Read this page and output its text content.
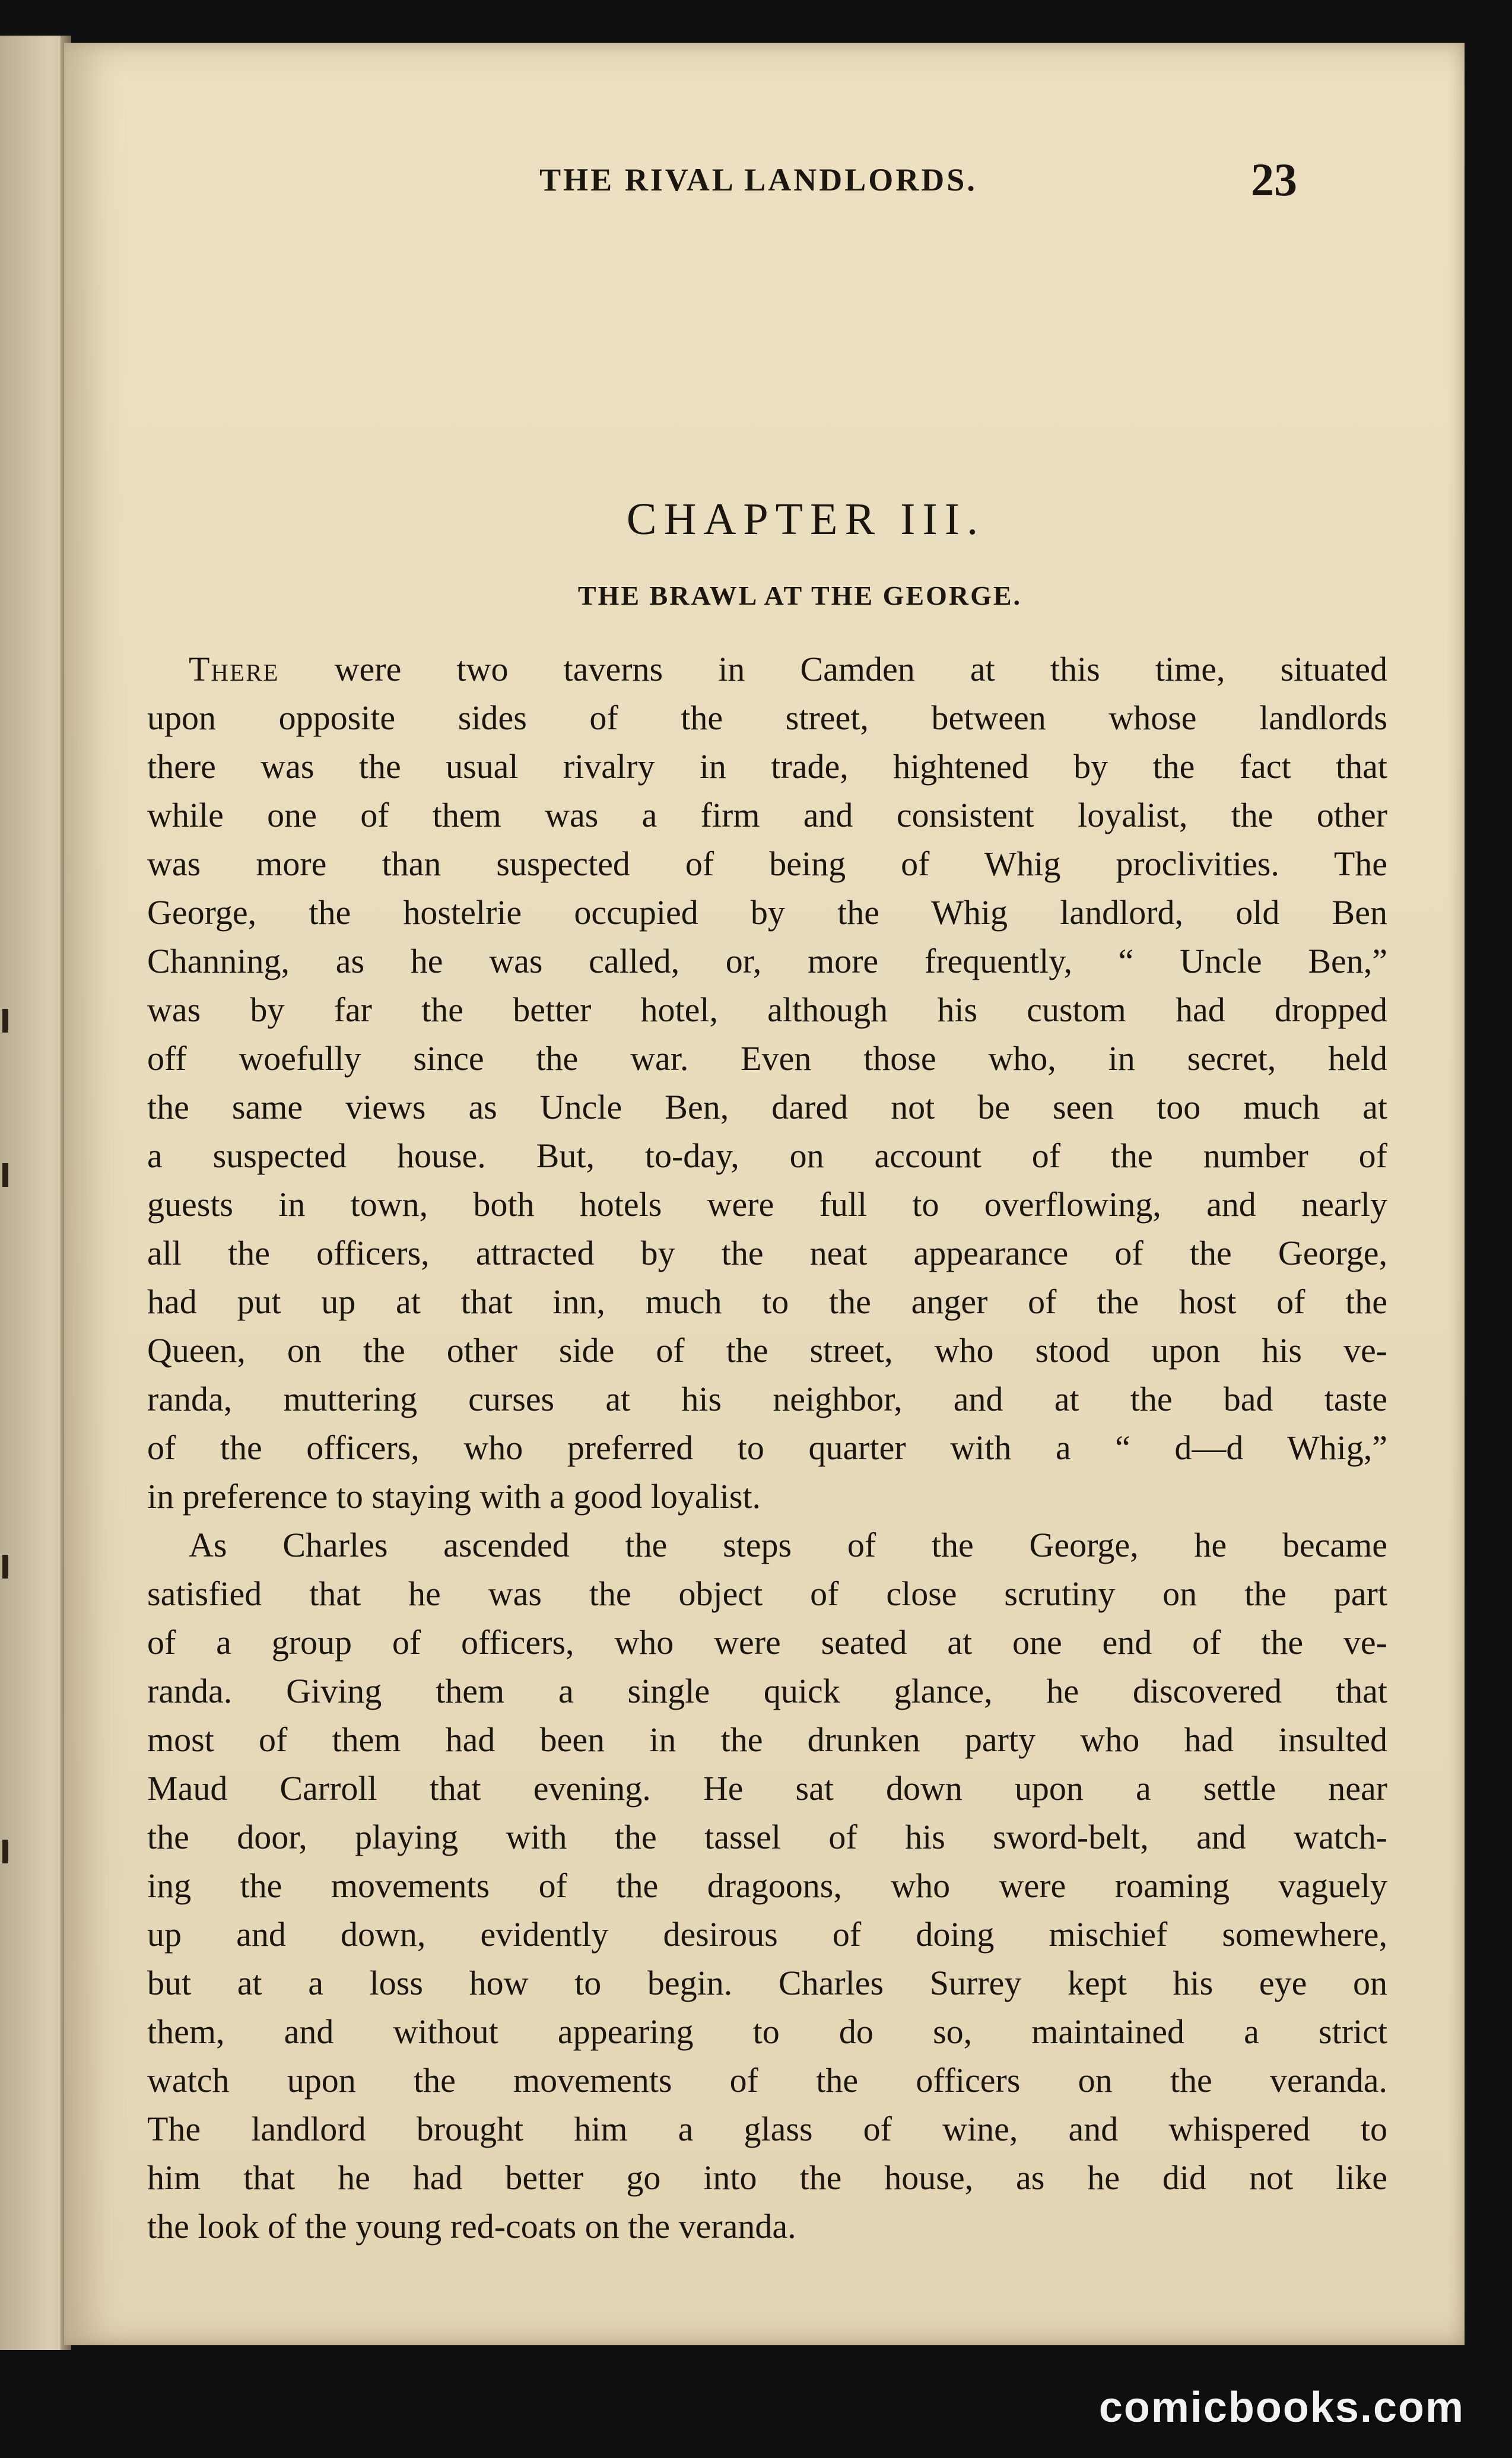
THE RIVAL LANDLORDS.	23
CHAPTER III.
THE BRAWL AT THE GEORGE.
There were two taverns in Camden at this time, situated
upon opposite sides of the street, between whose landlords
there was the usual rivalry in trade, hightened by the fact that
while one of them was a firm and consistent loyalist, the other
was more than suspected of being of Whig proclivities. The
George, the hostelrie occupied by the Whig landlord, old Ben
Channing, as he was called, or, more frequently, “ Uncle Ben,”
was by far the better hotel, although his custom had dropped
off woefully since the war. Even those who, in secret, held
the same views as Uncle Ben, dared not be seen too much at
a suspected house. But, to-day, on account of the number of
guests in town, both hotels were full to overflowing, and nearly
all the officers, attracted by the neat appearance of the George,
had put up at that inn, much to the anger of the host of the
Queen, on the other side of the street, who stood upon his ve-
randa, muttering curses at his neighbor, and at the bad taste
of the officers, who preferred to quarter with a “ d—d Whig,”
in preference to staying with a good loyalist.
As Charles ascended the steps of the George, he became
satisfied that he was the object of close scrutiny on the part
of a group of officers, who were seated at one end of the ve-
randa. Giving them a single quick glance, he discovered that
most of them had been in the drunken party who had insulted
Maud Carroll that evening. He sat down upon a settle near
the door, playing with the tassel of his sword-belt, and watch-
ing the movements of the dragoons, who were roaming vaguely
up and down, evidently desirous of doing mischief somewhere,
but at a loss how to begin. Charles Surrey kept his eye on
them, and without appearing to do so, maintained a strict
watch upon the movements of the officers on the veranda.
The landlord brought him a glass of wine, and whispered to
him that he had better go into the house, as he did not like
the look of the young red-coats on the veranda.
comicbooks.com
